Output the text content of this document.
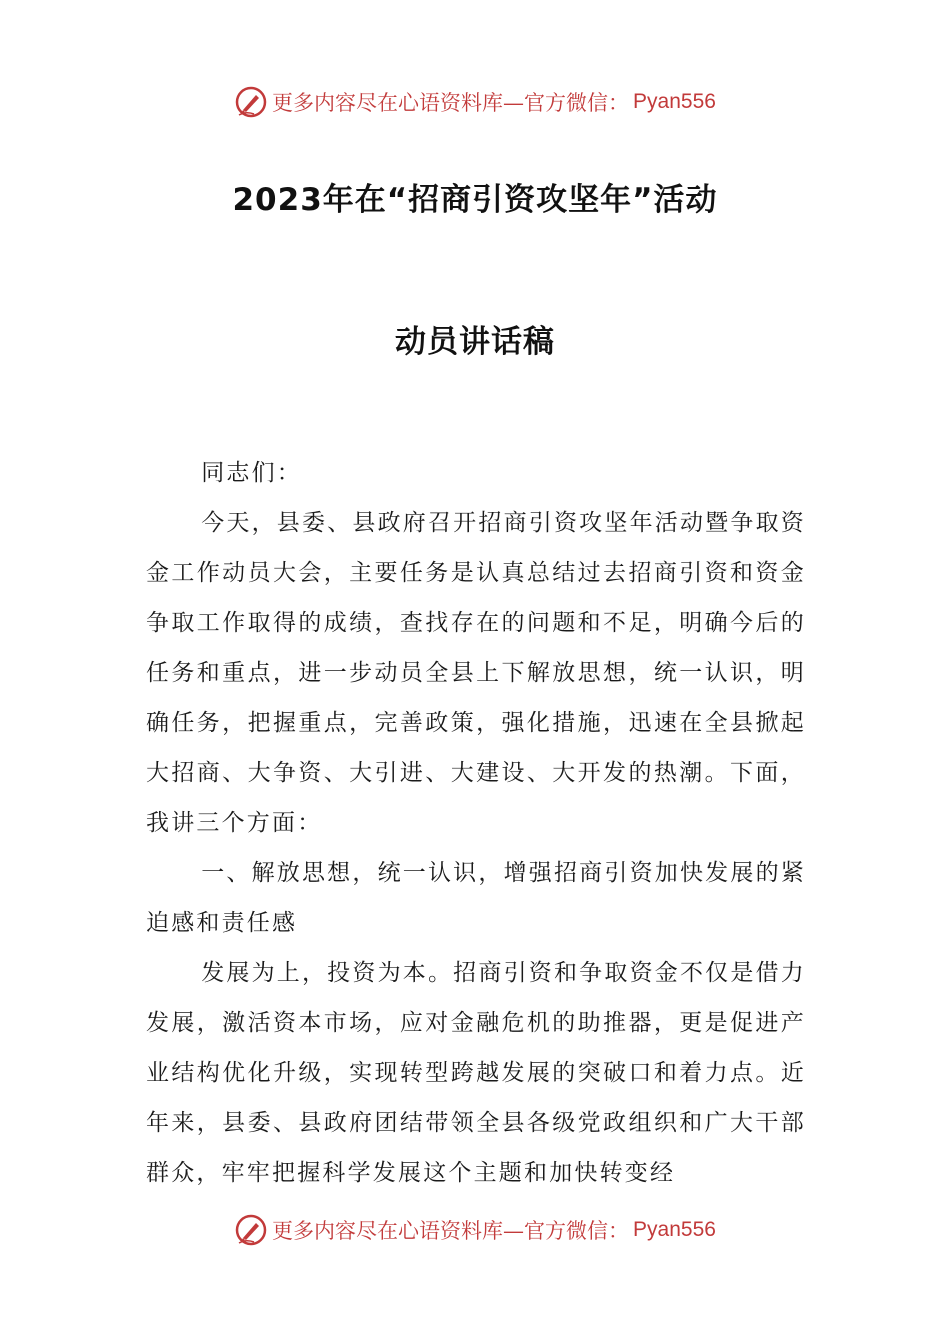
更多内容尽在心语资料库—官方微信： Pyan556
2023年在“招商引资攻坚年”活动
动员讲话稿

同志们：

今天，县委、县政府召开招商引资攻坚年活动暨争取资金工作动员大会，主要任务是认真总结过去招商引资和资金争取工作取得的成绩，查找存在的问题和不足，明确今后的任务和重点，进一步动员全县上下解放思想，统一认识，明确任务，把握重点，完善政策，强化措施，迅速在全县掀起大招商、大争资、大引进、大建设、大开发的热潮。下面，我讲三个方面：

一、解放思想，统一认识，增强招商引资加快发展的紧迫感和责任感

发展为上，投资为本。招商引资和争取资金不仅是借力发展，激活资本市场，应对金融危机的助推器，更是促进产业结构优化升级，实现转型跨越发展的突破口和着力点。近年来，县委、县政府团结带领全县各级党政组织和广大干部群众，牢牢把握科学发展这个主题和加快转变经

更多内容尽在心语资料库—官方微信： Pyan556
